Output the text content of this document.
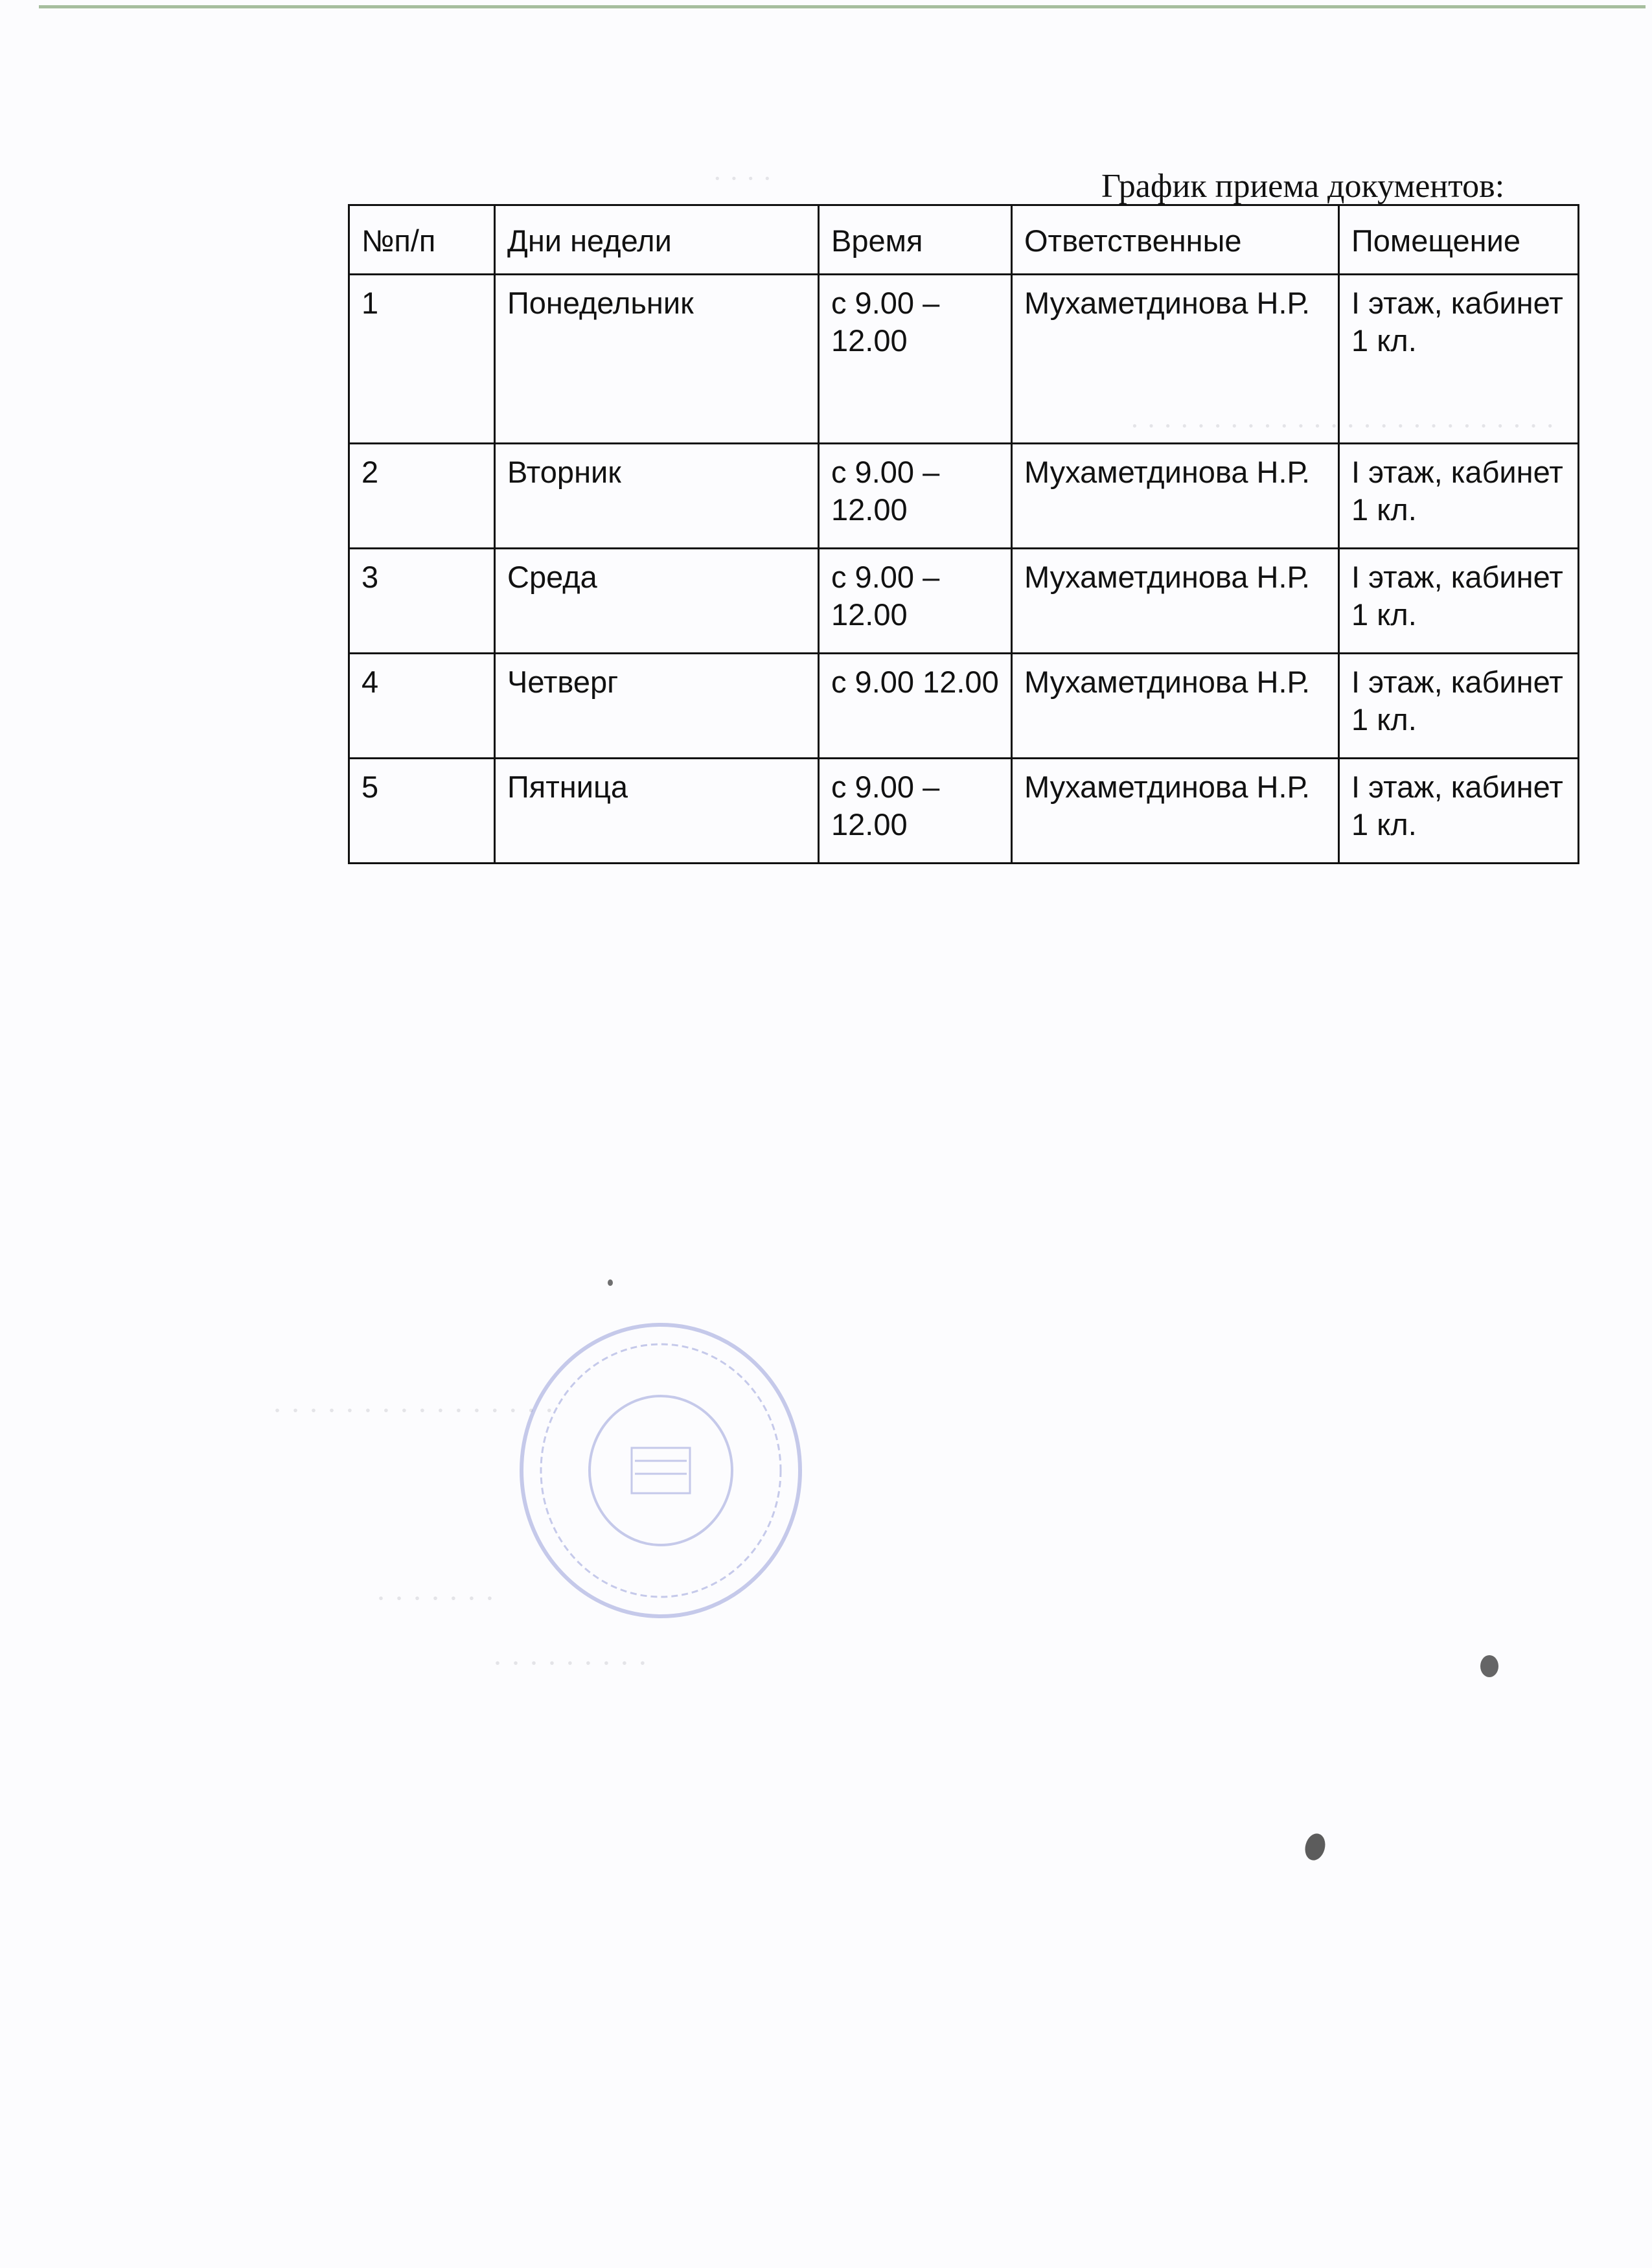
· · · ·
· · · · · · · · · · · · · · · · · · · · · · · · · ·
· · · · · · · · · · · · · · · ·
· · · · · · ·
· · · · · · · · ·
График приема документов:
№п/п	Дни недели	Время	Ответственные	Помещение
1	Понедельник	с 9.00 – 12.00	Мухаметдинова Н.Р.	I этаж, кабинет 1 кл.
2	Вторник	с 9.00 – 12.00	Мухаметдинова Н.Р.	I этаж, кабинет 1 кл.
3	Среда	с 9.00 – 12.00	Мухаметдинова Н.Р.	I этаж, кабинет 1 кл.
4	Четверг	с 9.00 12.00	Мухаметдинова Н.Р.	I этаж, кабинет 1 кл.
5	Пятница	с 9.00 – 12.00	Мухаметдинова Н.Р.	I этаж, кабинет 1 кл.
